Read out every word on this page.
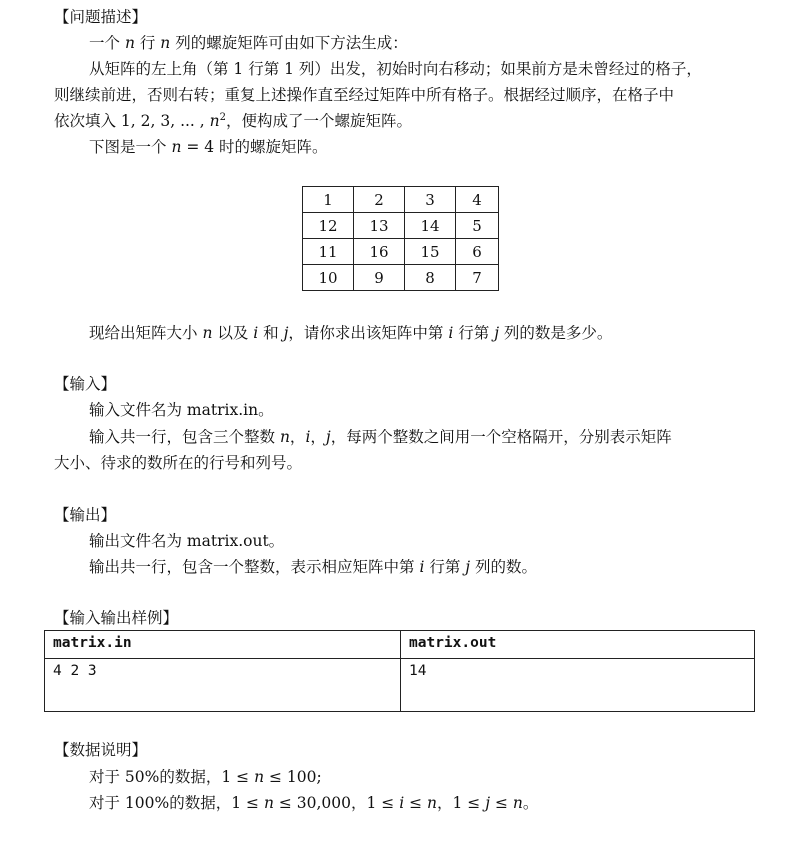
【问题描述】
一个 n 行 n 列的螺旋矩阵可由如下方法生成：
从矩阵的左上角（第 1 行第 1 列）出发，初始时向右移动；如果前方是未曾经过的格子，
则继续前进，否则右转；重复上述操作直至经过矩阵中所有格子。根据经过顺序，在格子中
依次填入 1, 2, 3, ... , $n^2$，便构成了一个螺旋矩阵。
下图是一个 n = 4 时的螺旋矩阵。
1	2	3	4
12	13	14	5
11	16	15	6
10	9	8	7
现给出矩阵大小 n 以及 i 和 j，请你求出该矩阵中第 i 行第 j 列的数是多少。
【输入】
输入文件名为 matrix.in。
输入共一行，包含三个整数 n，i，j，每两个整数之间用一个空格隔开，分别表示矩阵
大小、待求的数所在的行号和列号。
【输出】
输出文件名为 matrix.out。
输出共一行，包含一个整数，表示相应矩阵中第 i 行第 j 列的数。
【输入输出样例】
matrix.in	matrix.out
4 2 3	14
【数据说明】
对于 50%的数据，1 ≤ n ≤ 100;
对于 100%的数据，1 ≤ n ≤ 30,000，1 ≤ i ≤ n，1 ≤ j ≤ n。
